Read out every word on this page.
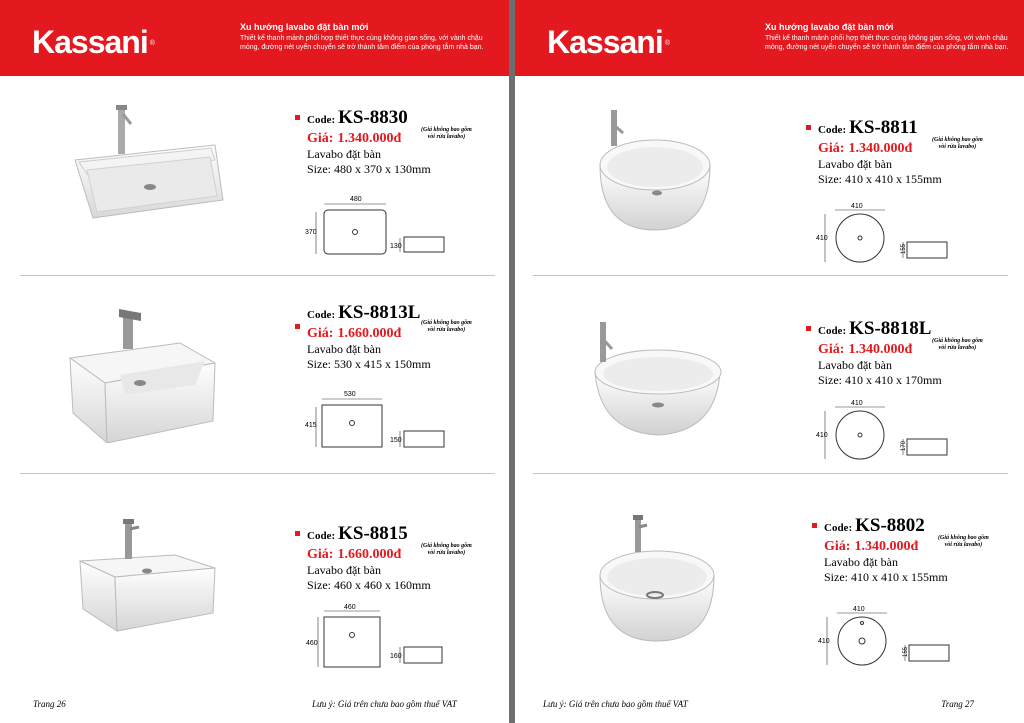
Kassani ®
Xu hướng lavabo đặt bàn mới
Thiết kế thanh mảnh phối hợp thiết thực cùng không gian sống, với vành chậu mỏng, đường nét uyển chuyển sẽ trở thành tâm điểm của phòng tắm nhà bạn.
Code: KS-8830
Giá: 1.340.000đ
(Giá không bao gồm
vòi rửa lavabo)
Lavabo đặt bàn
Size: 480 x 370 x 130mm
480
370
130
Code: KS-8813L
Giá: 1.660.000đ
(Giá không bao gồm
vòi rửa lavabo)
Lavabo đặt bàn
Size: 530 x 415 x 150mm
530
415
150
Code: KS-8815
Giá: 1.660.000đ
(Giá không bao gồm
vòi rửa lavabo)
Lavabo đặt bàn
Size: 460 x 460 x 160mm
460
460
160
Trang 26	Lưu ý: Giá trên chưa bao gồm thuế VAT
Kassani ®
Xu hướng lavabo đặt bàn mới
Thiết kế thanh mảnh phối hợp thiết thực cùng không gian sống, với vành chậu mỏng, đường nét uyển chuyển sẽ trở thành tâm điểm của phòng tắm nhà bạn.
Code: KS-8811
Giá: 1.340.000đ
(Giá không bao gồm
vòi rửa lavabo)
Lavabo đặt bàn
Size: 410 x 410 x 155mm
410
410
155
Code: KS-8818L
Giá: 1.340.000đ
(Giá không bao gồm
vòi rửa lavabo)
Lavabo đặt bàn
Size: 410 x 410 x 170mm
410
410
170
Code: KS-8802
Giá: 1.340.000đ
(Giá không bao gồm
vòi rửa lavabo)
Lavabo đặt bàn
Size: 410 x 410 x 155mm
410
410
155
Lưu ý: Giá trên chưa bao gồm thuế VAT	Trang 27
